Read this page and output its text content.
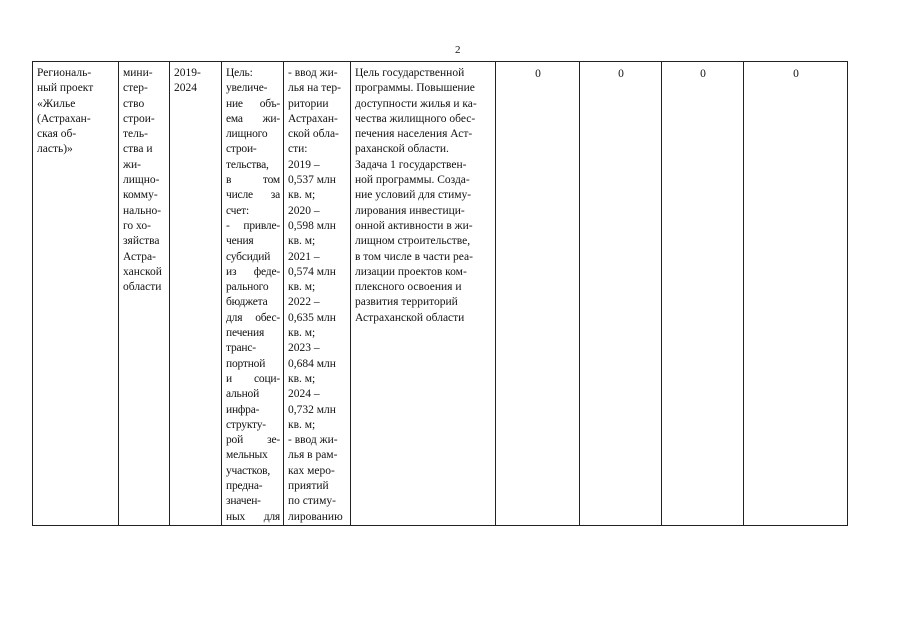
2
Региональ-
ный проект
«Жилье
(Астрахан-
ская об-
ласть)»	мини-
стер-
ство
строи-
тель-
ства и
жи-
лищно-
комму-
нально-
го хо-
зяйства
Астра-
ханской
области	2019-
2024	Цель:
увеличе-
ние объ-
ема жи-
лищного
строи-
тельства,
в том
числе за
счет:
- привле-
чения
субсидий
из феде-
рального
бюджета
для обес-
печения
транс-
портной
и соци-
альной
инфра-
структу-
рой зе-
мельных
участков,
предна-
значен-
ных для	- ввод жи-
лья на тер-
ритории
Астрахан-
ской обла-
сти:
2019 –
0,537 млн
кв. м;
2020 –
0,598 млн
кв. м;
2021 –
0,574 млн
кв. м;
2022 –
0,635 млн
кв. м;
2023 –
0,684 млн
кв. м;
2024 –
0,732 млн
кв. м;
- ввод жи-
лья в рам-
ках меро-
приятий
по стиму-
лированию	Цель государственной
программы. Повышение
доступности жилья и ка-
чества жилищного обес-
печения населения Аст-
раханской области.
Задача 1 государствен-
ной программы. Созда-
ние условий для стиму-
лирования инвестици-
онной активности в жи-
лищном строительстве,
в том числе в части реа-
лизации проектов ком-
плексного освоения и
развития территорий
Астраханской области	0	0	0	0
